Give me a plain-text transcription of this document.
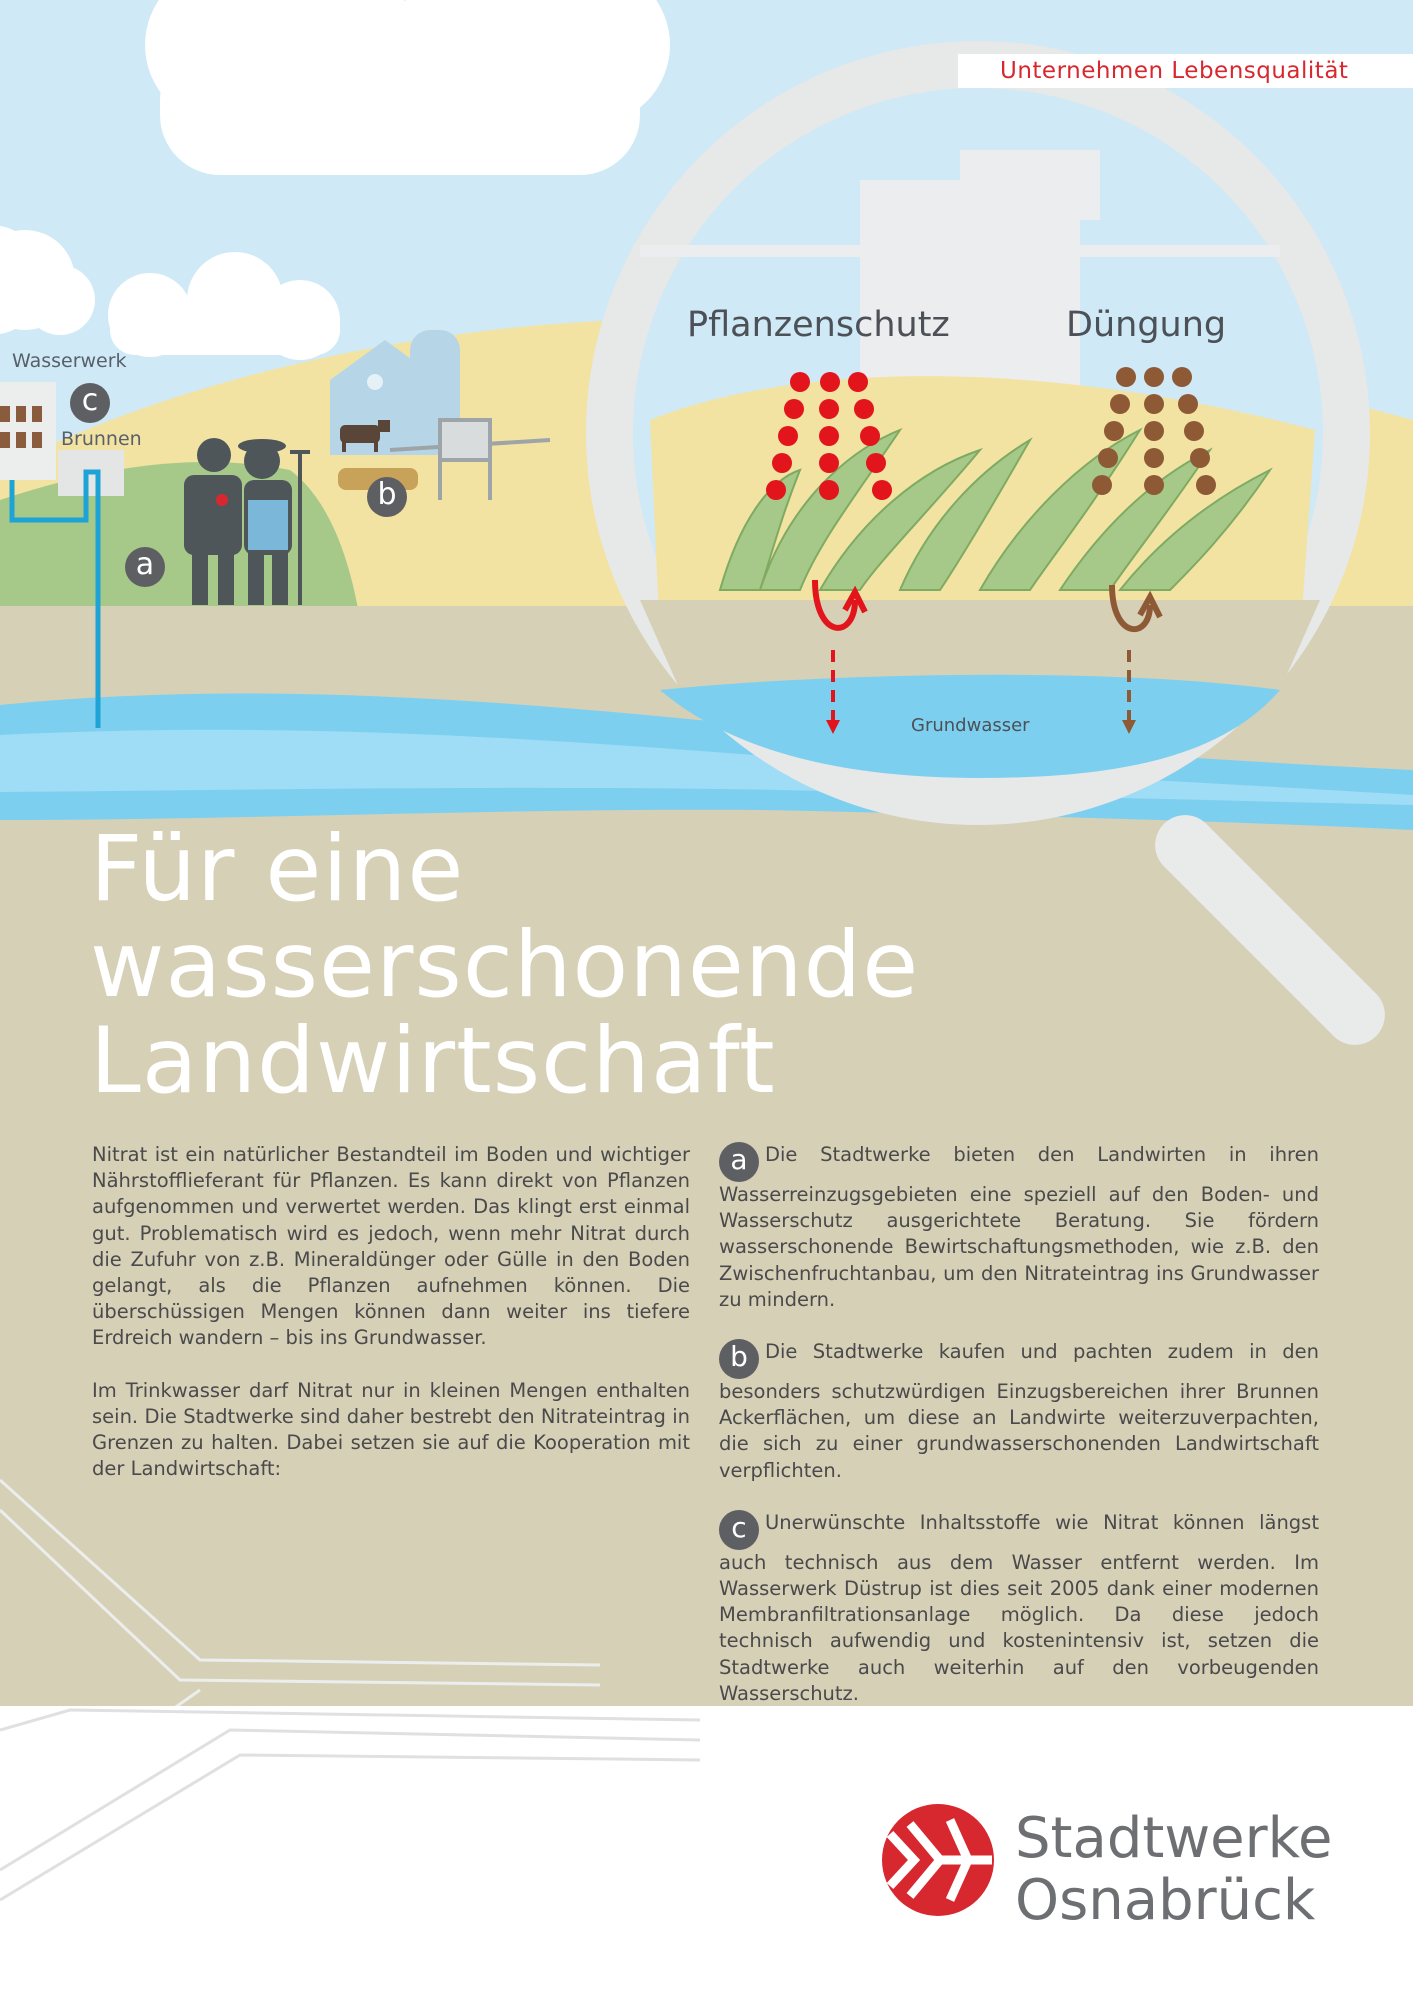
Unternehmen Lebensqualität
Wasserwerk
c
Brunnen
a
b
Pflanzenschutz	Düngung
Grundwasser
Für eine
wasserschonende
Landwirtschaft

Nitrat ist ein natürlicher Bestandteil im Boden und wichtiger Nährstofflieferant für Pflanzen. Es kann direkt von Pflanzen aufgenommen und verwertet werden. Das klingt erst einmal gut. Problematisch wird es jedoch, wenn mehr Nitrat durch die Zufuhr von z.B. Mineraldünger oder Gülle in den Boden gelangt, als die Pflanzen aufnehmen können. Die überschüssigen Mengen können dann weiter ins tiefere Erdreich wandern – bis ins Grundwasser.

Im Trinkwasser darf Nitrat nur in kleinen Mengen enthalten sein. Die Stadtwerke sind daher bestrebt den Nitrateintrag in Grenzen zu halten. Dabei setzen sie auf die Kooperation mit der Landwirtschaft:

a Die Stadtwerke bieten den Landwirten in ihren Wasserreinzugsgebieten eine speziell auf den Boden- und Wasserschutz ausgerichtete Beratung. Sie fördern wasserschonende Bewirtschaftungsmethoden, wie z.B. den Zwischenfruchtanbau, um den Nitrateintrag ins Grundwasser zu mindern.

b Die Stadtwerke kaufen und pachten zudem in den besonders schutzwürdigen Einzugsbereichen ihrer Brunnen Ackerflächen, um diese an Landwirte weiterzuverpachten, die sich zu einer grundwasserschonenden Landwirtschaft verpflichten.

c Unerwünschte Inhaltsstoffe wie Nitrat können längst auch technisch aus dem Wasser entfernt werden. Im Wasserwerk Düstrup ist dies seit 2005 dank einer modernen Membranfiltrationsanlage möglich. Da diese jedoch technisch aufwendig und kostenintensiv ist, setzen die Stadtwerke auch weiterhin auf den vorbeugenden Wasserschutz.

Stadtwerke
Osnabrück
